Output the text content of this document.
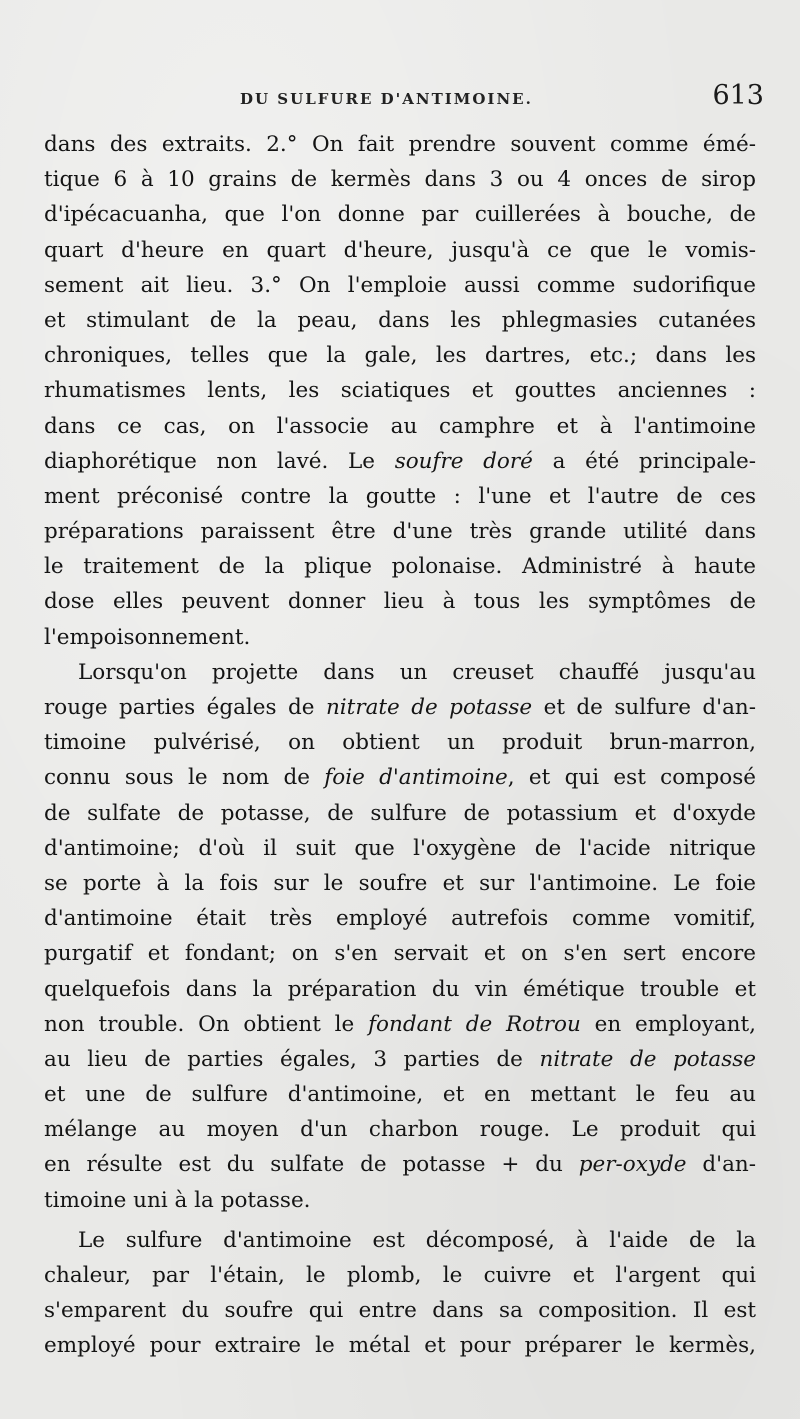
DU SULFURE D'ANTIMOINE.	613
dans des extraits. 2.° On fait prendre souvent comme émé-
tique 6 à 10 grains de kermès dans 3 ou 4 onces de sirop
d'ipécacuanha, que l'on donne par cuillerées à bouche, de
quart d'heure en quart d'heure, jusqu'à ce que le vomis-
sement ait lieu. 3.° On l'emploie aussi comme sudorifique
et stimulant de la peau, dans les phlegmasies cutanées
chroniques, telles que la gale, les dartres, etc.; dans les
rhumatismes lents, les sciatiques et gouttes anciennes :
dans ce cas, on l'associe au camphre et à l'antimoine
diaphorétique non lavé. Le soufre doré a été principale-
ment préconisé contre la goutte : l'une et l'autre de ces
préparations paraissent être d'une très grande utilité dans
le traitement de la plique polonaise. Administré à haute
dose elles peuvent donner lieu à tous les symptômes de
l'empoisonnement.
Lorsqu'on projette dans un creuset chauffé jusqu'au
rouge parties égales de nitrate de potasse et de sulfure d'an-
timoine pulvérisé, on obtient un produit brun-marron,
connu sous le nom de foie d'antimoine, et qui est composé
de sulfate de potasse, de sulfure de potassium et d'oxyde
d'antimoine; d'où il suit que l'oxygène de l'acide nitrique
se porte à la fois sur le soufre et sur l'antimoine. Le foie
d'antimoine était très employé autrefois comme vomitif,
purgatif et fondant; on s'en servait et on s'en sert encore
quelquefois dans la préparation du vin émétique trouble et
non trouble. On obtient le fondant de Rotrou en employant,
au lieu de parties égales, 3 parties de nitrate de potasse
et une de sulfure d'antimoine, et en mettant le feu au
mélange au moyen d'un charbon rouge. Le produit qui
en résulte est du sulfate de potasse + du per-oxyde d'an-
timoine uni à la potasse.
Le sulfure d'antimoine est décomposé, à l'aide de la
chaleur, par l'étain, le plomb, le cuivre et l'argent qui
s'emparent du soufre qui entre dans sa composition. Il est
employé pour extraire le métal et pour préparer le kermès,
